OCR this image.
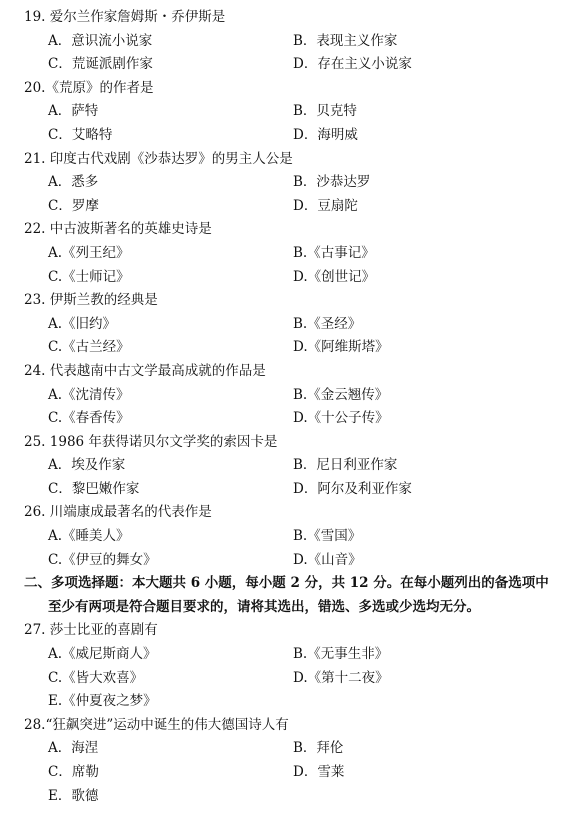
19. 爱尔兰作家詹姆斯・乔伊斯是
A．意识流小说家	B．表现主义作家
C．荒诞派剧作家	D．存在主义小说家
20.《荒原》的作者是
A．萨特	B．贝克特
C．艾略特	D．海明威
21. 印度古代戏剧《沙恭达罗》的男主人公是
A．悉多	B．沙恭达罗
C．罗摩	D．豆扇陀
22. 中古波斯著名的英雄史诗是
A.《列王纪》	B.《古事记》
C.《士师记》	D.《创世记》
23. 伊斯兰教的经典是
A.《旧约》	B.《圣经》
C.《古兰经》	D.《阿维斯塔》
24. 代表越南中古文学最高成就的作品是
A.《沈清传》	B.《金云翘传》
C.《春香传》	D.《十公子传》
25. 1986 年获得诺贝尔文学奖的索因卡是
A．埃及作家	B．尼日利亚作家
C．黎巴嫩作家	D．阿尔及利亚作家
26. 川端康成最著名的代表作是
A.《睡美人》	B.《雪国》
C.《伊豆的舞女》	D.《山音》
二、多项选择题：本大题共 6 小题，每小题 2 分，共 12 分。在每小题列出的备选项中
至少有两项是符合题目要求的，请将其选出，错选、多选或少选均无分。
27. 莎士比亚的喜剧有
A.《威尼斯商人》	B.《无事生非》
C.《皆大欢喜》	D.《第十二夜》
E.《仲夏夜之梦》
28.“狂飙突进”运动中诞生的伟大德国诗人有
A．海涅	B．拜伦
C．席勒	D．雪莱
E．歌德
